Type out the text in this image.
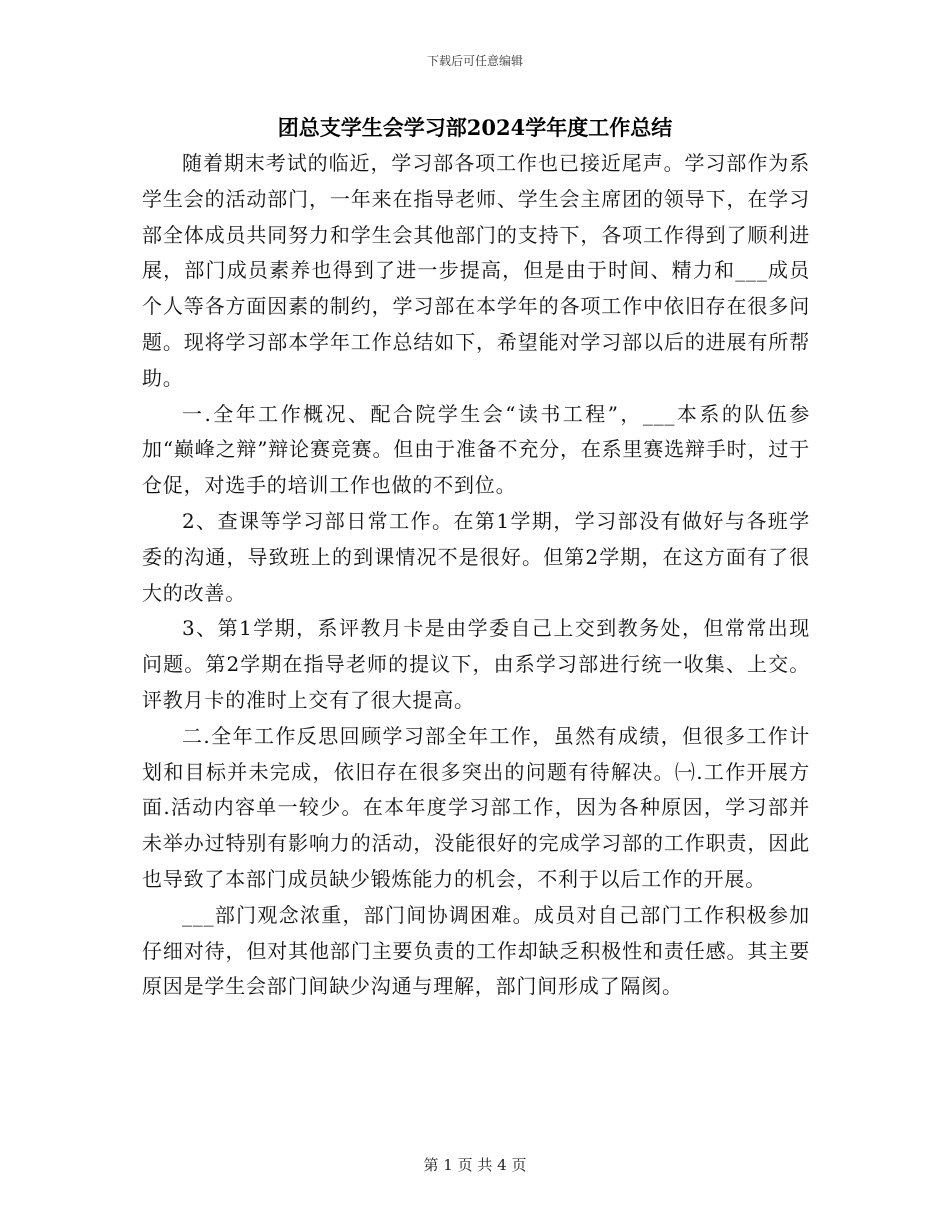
下载后可任意编辑
团总支学生会学习部2024学年度工作总结

随着期末考试的临近，学习部各项工作也已接近尾声。学习部作为系学生会的活动部门，一年来在指导老师、学生会主席团的领导下，在学习部全体成员共同努力和学生会其他部门的支持下，各项工作得到了顺利进展，部门成员素养也得到了进一步提高，但是由于时间、精力和___成员个人等各方面因素的制约，学习部在本学年的各项工作中依旧存在很多问题。现将学习部本学年工作总结如下，希望能对学习部以后的进展有所帮助。

一.全年工作概况、配合院学生会“读书工程”，___本系的队伍参加“巅峰之辩”辩论赛竞赛。但由于准备不充分，在系里赛选辩手时，过于仓促，对选手的培训工作也做的不到位。

2、查课等学习部日常工作。在第1学期，学习部没有做好与各班学委的沟通，导致班上的到课情况不是很好。但第2学期，在这方面有了很大的改善。

3、第1学期，系评教月卡是由学委自己上交到教务处，但常常出现问题。第2学期在指导老师的提议下，由系学习部进行统一收集、上交。评教月卡的准时上交有了很大提高。

二.全年工作反思回顾学习部全年工作，虽然有成绩，但很多工作计划和目标并未完成，依旧存在很多突出的问题有待解决。㈠.工作开展方面.活动内容单一较少。在本年度学习部工作，因为各种原因，学习部并未举办过特别有影响力的活动，没能很好的完成学习部的工作职责，因此也导致了本部门成员缺少锻炼能力的机会，不利于以后工作的开展。

___部门观念浓重，部门间协调困难。成员对自己部门工作积极参加仔细对待，但对其他部门主要负责的工作却缺乏积极性和责任感。其主要原因是学生会部门间缺少沟通与理解，部门间形成了隔阂。

第 1 页 共 4 页
